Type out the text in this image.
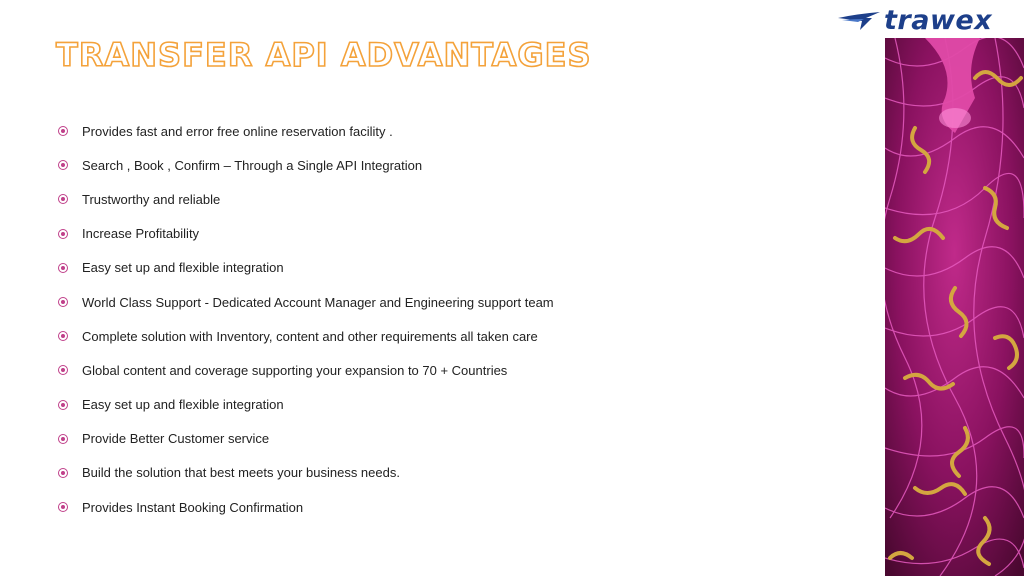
trawex
TRANSFER API ADVANTAGES
Provides fast and error free online reservation facility .
Search , Book , Confirm – Through a Single API Integration
Trustworthy and reliable
Increase Profitability
Easy set up and flexible integration
World Class Support - Dedicated Account Manager and Engineering support team
Complete solution with Inventory, content and other requirements all taken care
Global content and coverage supporting your expansion to 70 + Countries
Easy set up and flexible integration
Provide Better Customer service
Build the solution that best meets your business needs.
Provides Instant Booking Confirmation
